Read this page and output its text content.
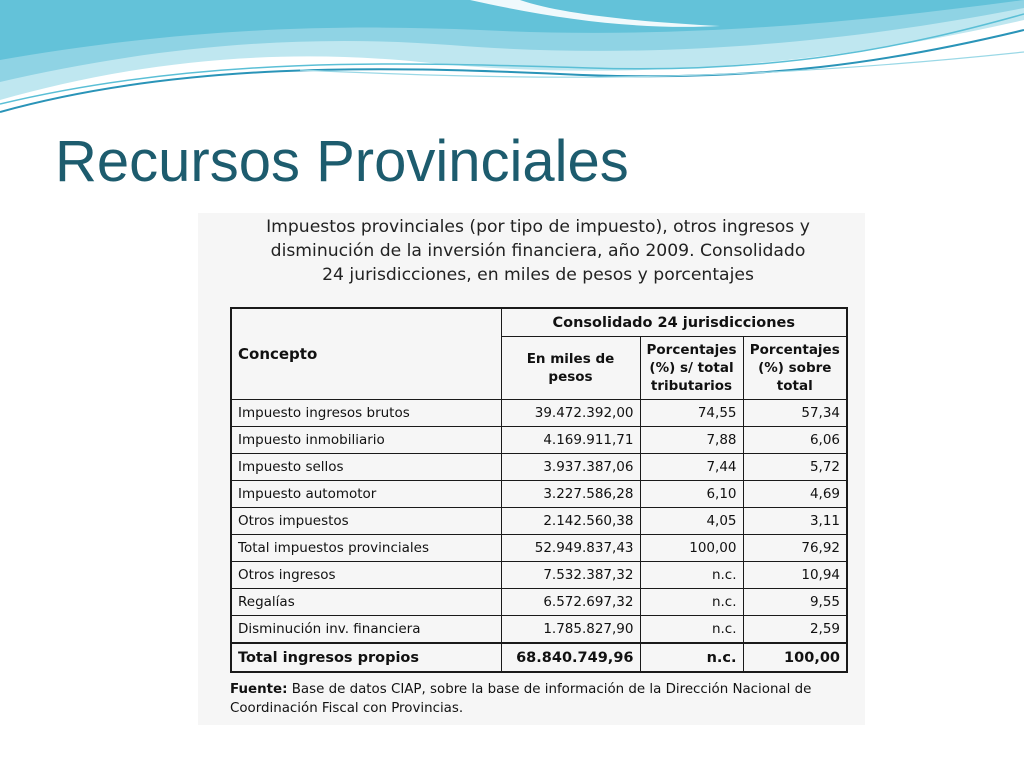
Recursos Provinciales
Impuestos provinciales (por tipo de impuesto), otros ingresos y
disminución de la inversión financiera, año 2009. Consolidado
24 jurisdicciones, en miles de pesos y porcentajes
Concepto	Consolidado 24 jurisdicciones		
	En miles de pesos	Porcentajes (%) s/ total tributarios	Porcentajes (%) sobre total
Impuesto ingresos brutos	39.472.392,00	74,55	57,34
Impuesto inmobiliario	4.169.911,71	7,88	6,06
Impuesto sellos	3.937.387,06	7,44	5,72
Impuesto automotor	3.227.586,28	6,10	4,69
Otros impuestos	2.142.560,38	4,05	3,11
Total impuestos provinciales	52.949.837,43	100,00	76,92
Otros ingresos	7.532.387,32	n.c.	10,94
Regalías	6.572.697,32	n.c.	9,55
Disminución inv. financiera	1.785.827,90	n.c.	2,59
Total ingresos propios	68.840.749,96	n.c.	100,00
Fuente: Base de datos CIAP, sobre la base de información de la Dirección Nacional de Coordinación Fiscal con Provincias.
